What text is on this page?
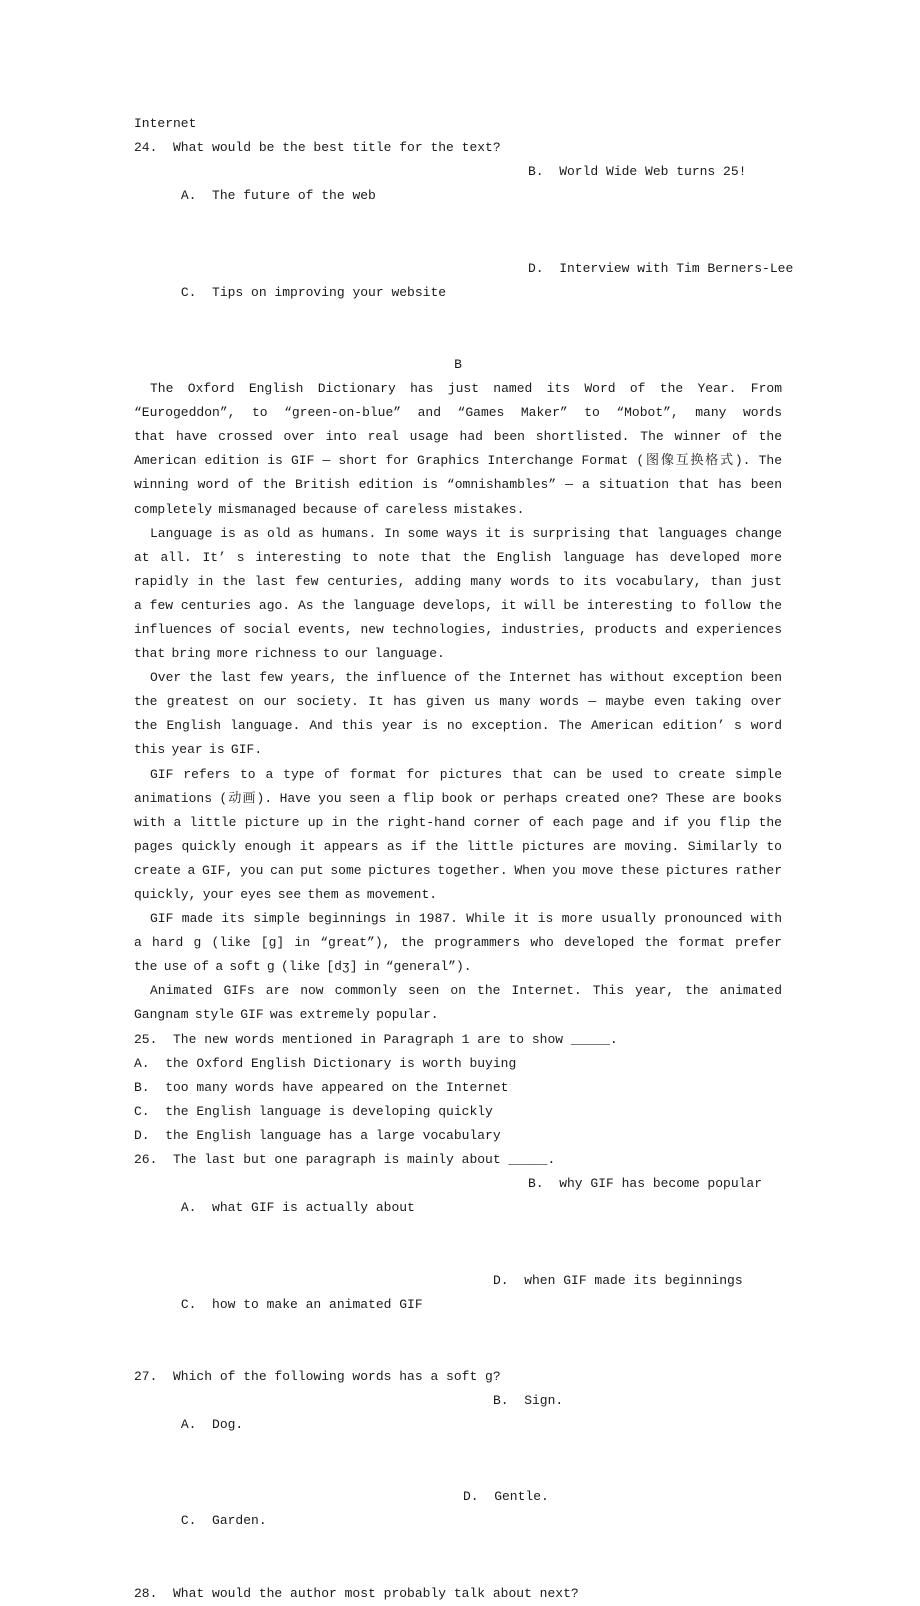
Internet
24.  What would be the best title for the text?

A.  The future of the web

B.  World Wide Web turns 25!

C.  Tips on improving your website

D.  Interview with Tim Berners-Lee

B
The Oxford English Dictionary has just named its Word of the Year. From
“Eurogeddon”, to “green-on-blue” and “Games Maker” to “Mobot”, many words
that have crossed over into real usage had been shortlisted. The winner of the
American edition is GIF — short for Graphics Interchange Format (图像互换格式). The
winning word of the British edition is “omnishambles” — a situation that has been
completely mismanaged because of careless mistakes.
Language is as old as humans. In some ways it is surprising that languages change
at all. It’ s interesting to note that the English language has developed more
rapidly in the last few centuries, adding many words to its vocabulary, than just
a few centuries ago. As the language develops, it will be interesting to follow the
influences of social events, new technologies, industries, products and experiences
that bring more richness to our language.
Over the last few years, the influence of the Internet has without exception been
the greatest on our society. It has given us many words — maybe even taking over
the English language. And this year is no exception. The American edition’ s word
this year is GIF.
GIF refers to a type of format for pictures that can be used to create simple
animations (动画). Have you seen a flip book or perhaps created one? These are books
with a little picture up in the right-hand corner of each page and if you flip the
pages quickly enough it appears as if the little pictures are moving. Similarly to
create a GIF, you can put some pictures together. When you move these pictures rather
quickly, your eyes see them as movement.
GIF made its simple beginnings in 1987. While it is more usually pronounced with
a hard g (like [g] in “great”), the programmers who developed the format prefer
the use of a soft g (like [dʒ] in “general”).
Animated GIFs are now commonly seen on the Internet. This year, the animated
Gangnam style GIF was extremely popular.
25.  The new words mentioned in Paragraph 1 are to show _____.
A.  the Oxford English Dictionary is worth buying
B.  too many words have appeared on the Internet
C.  the English language is developing quickly
D.  the English language has a large vocabulary
26.  The last but one paragraph is mainly about _____.

A.  what GIF is actually about

B.  why GIF has become popular

C.  how to make an animated GIF

D.  when GIF made its beginnings

27.  Which of the following words has a soft g?

A.  Dog.

B.  Sign.

C.  Garden.

D.  Gentle.

28.  What would the author most probably talk about next?
